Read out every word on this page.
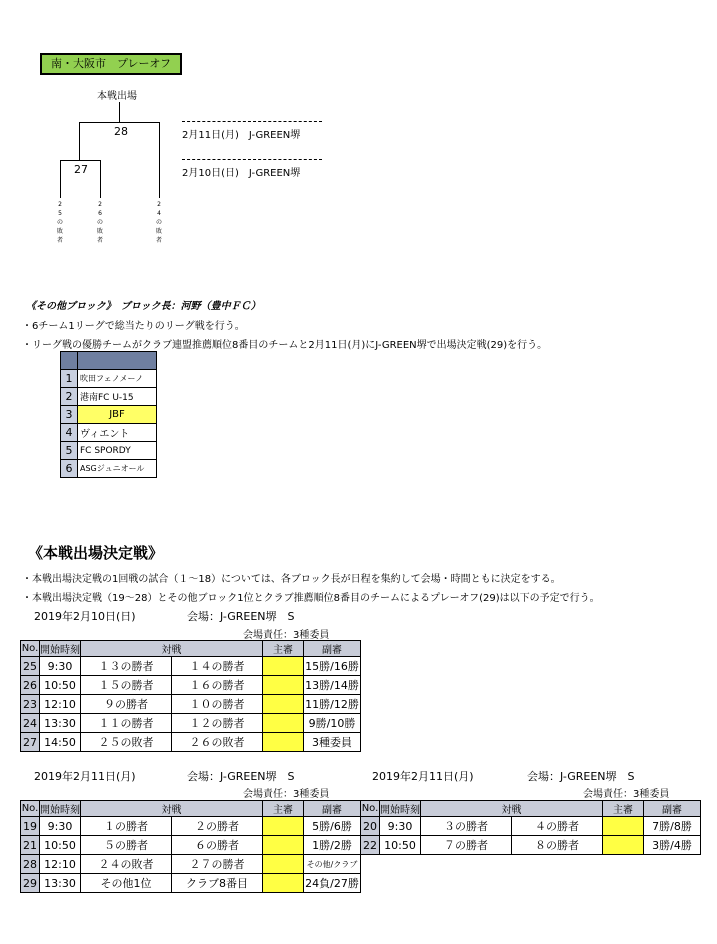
南・大阪市　プレーオフ
本戦出場
28
27
2月11日(月)　J-GREEN堺
2月10日(日)　J-GREEN堺
2
5
の
敗
者
2
6
の
敗
者
2
4
の
敗
者
《その他ブロック》　ブロック長：河野（豊中ＦＣ）
・6チーム1リーグで総当たりのリーグ戦を行う。
・リーグ戦の優勝チームがクラブ連盟推薦順位8番目のチームと2月11日(月)にJ-GREEN堺で出場決定戦(29)を行う。

1	吹田フェノメーノ
2	港南FC U-15
3	JBF
4	ヴィエント
5	FC SPORDY
6	ASGジュニオール
《本戦出場決定戦》
・本戦出場決定戦の1回戦の試合（１～18）については、各ブロック長が日程を集約して会場・時間ともに決定をする。
・本戦出場決定戦（19～28）とその他ブロック1位とクラブ推薦順位8番目のチームによるプレーオフ(29)は以下の予定で行う。
2019年2月10日(日)	会場：J-GREEN堺　S
会場責任：3種委員
No.	開始時刻	対戦		主審	副審
25	9:30	１３の勝者	１４の勝者		15勝/16勝
26	10:50	１５の勝者	１６の勝者		13勝/14勝
23	12:10	９の勝者	１０の勝者		11勝/12勝
24	13:30	１１の勝者	１２の勝者		9勝/10勝
27	14:50	２５の敗者	２６の敗者		3種委員
2019年2月11日(月)	会場：J-GREEN堺　S
会場責任：3種委員
No.	開始時刻	対戦		主審	副審
19	9:30	１の勝者	２の勝者		5勝/6勝
21	10:50	５の勝者	６の勝者		1勝/2勝
28	12:10	２４の敗者	２７の勝者		その他/クラブ
29	13:30	その他1位	クラブ8番目		24負/27勝
2019年2月11日(月)	会場：J-GREEN堺　S
会場責任：3種委員
No.	開始時刻	対戦		主審	副審
20	9:30	３の勝者	４の勝者		7勝/8勝
22	10:50	７の勝者	８の勝者		3勝/4勝
